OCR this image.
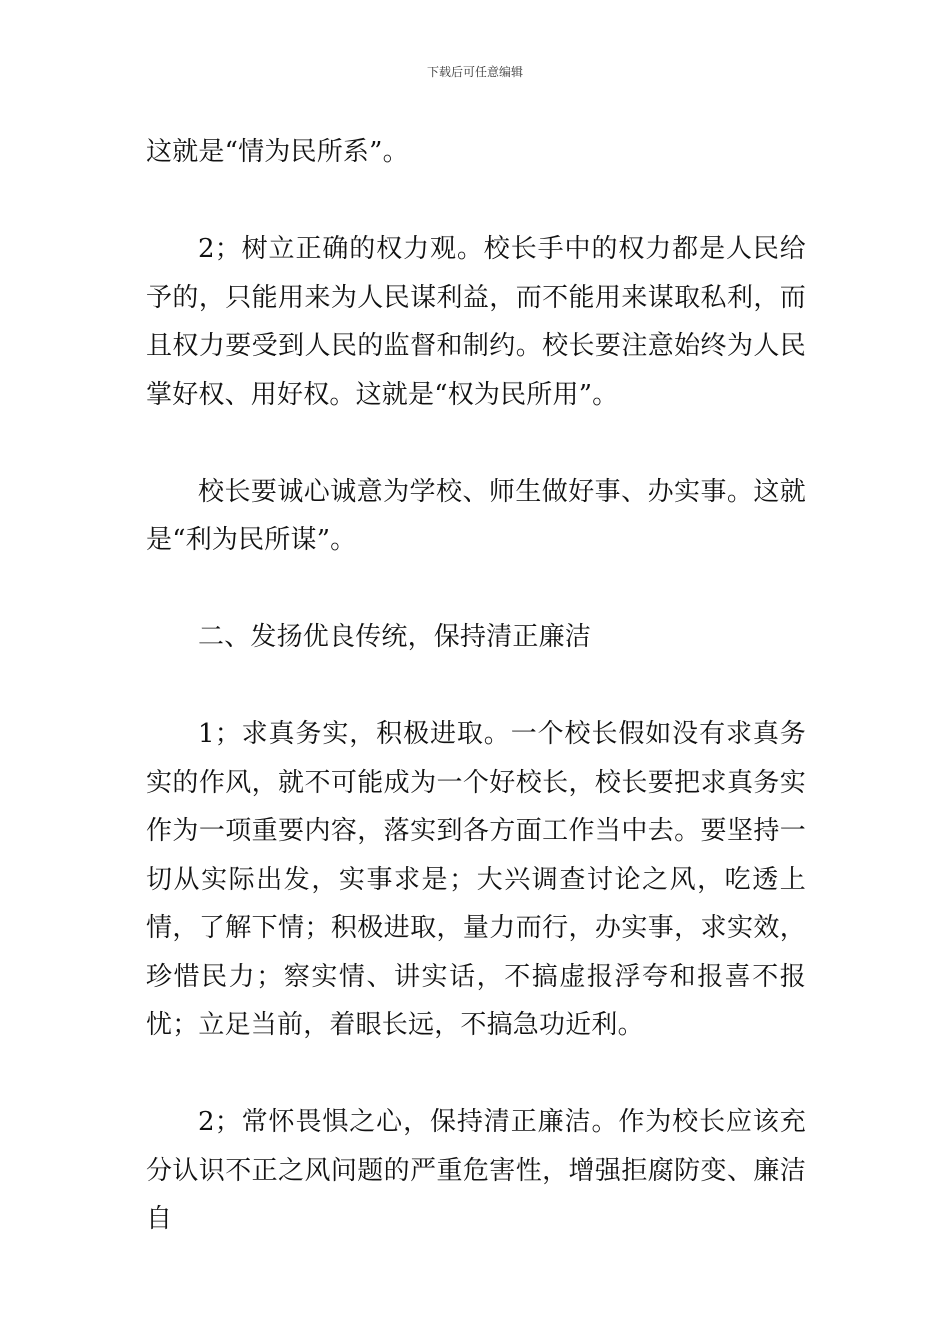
下载后可任意编辑

这就是“情为民所系”。

2；树立正确的权力观。校长手中的权力都是人民给予的，只能用来为人民谋利益，而不能用来谋取私利，而且权力要受到人民的监督和制约。校长要注意始终为人民掌好权、用好权。这就是“权为民所用”。

校长要诚心诚意为学校、师生做好事、办实事。这就是“利为民所谋”。

二、发扬优良传统，保持清正廉洁

1；求真务实，积极进取。一个校长假如没有求真务实的作风，就不可能成为一个好校长，校长要把求真务实作为一项重要内容，落实到各方面工作当中去。要坚持一切从实际出发，实事求是；大兴调查讨论之风，吃透上情，了解下情；积极进取，量力而行，办实事，求实效，珍惜民力；察实情、讲实话，不搞虚报浮夸和报喜不报忧；立足当前，着眼长远，不搞急功近利。

2；常怀畏惧之心，保持清正廉洁。作为校长应该充分认识不正之风问题的严重危害性，增强拒腐防变、廉洁自
